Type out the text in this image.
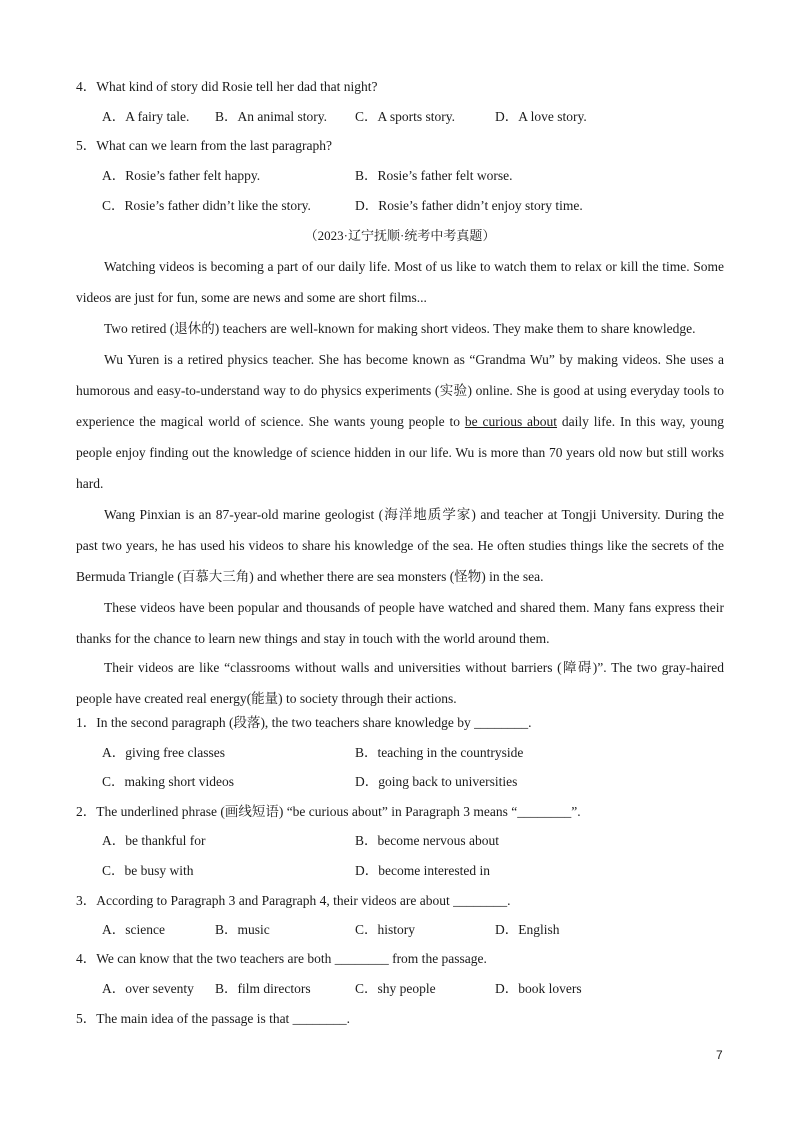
4．What kind of story did Rosie tell her dad that night?
A．A fairy tale. B．An animal story. C．A sports story.	D．A love story.
5．What can we learn from the last paragraph?
A．Rosie’s father felt happy.	B．Rosie’s father felt worse.
C．Rosie’s father didn’t like the story.	D．Rosie’s father didn’t enjoy story time.
（2023·辽宁抚顺·统考中考真题）
Watching videos is becoming a part of our daily life. Most of us like to watch them to relax or kill the time. Some videos are just for fun, some are news and some are short films...
Two retired (退休的) teachers are well-known for making short videos. They make them to share knowledge.
Wu Yuren is a retired physics teacher. She has become known as “Grandma Wu” by making videos. She uses a humorous and easy-to-understand way to do physics experiments (实验) online. She is good at using everyday tools to experience the magical world of science. She wants young people to be curious about daily life. In this way, young people enjoy finding out the knowledge of science hidden in our life. Wu is more than 70 years old now but still works hard.
Wang Pinxian is an 87-year-old marine geologist (海洋地质学家) and teacher at Tongji University. During the past two years, he has used his videos to share his knowledge of the sea. He often studies things like the secrets of the Bermuda Triangle (百慕大三角) and whether there are sea monsters (怪物) in the sea.
These videos have been popular and thousands of people have watched and shared them. Many fans express their thanks for the chance to learn new things and stay in touch with the world around them.
Their videos are like “classrooms without walls and universities without barriers (障碍)”. The two gray-haired people have created real energy(能量) to society through their actions.
1．In the second paragraph (段落), the two teachers share knowledge by ________.
A．giving free classes	B．teaching in the countryside
C．making short videos	D．going back to universities
2．The underlined phrase (画线短语) “be curious about” in Paragraph 3 means “________”.
A．be thankful for	B．become nervous about
C．be busy with	D．become interested in
3．According to Paragraph 3 and Paragraph 4, their videos are about ________.
A．science	B．music	C．history	D．English
4．We can know that the two teachers are both ________ from the passage.
A．over seventy B．film directors	C．shy people	D．book lovers
5．The main idea of the passage is that ________.
7
